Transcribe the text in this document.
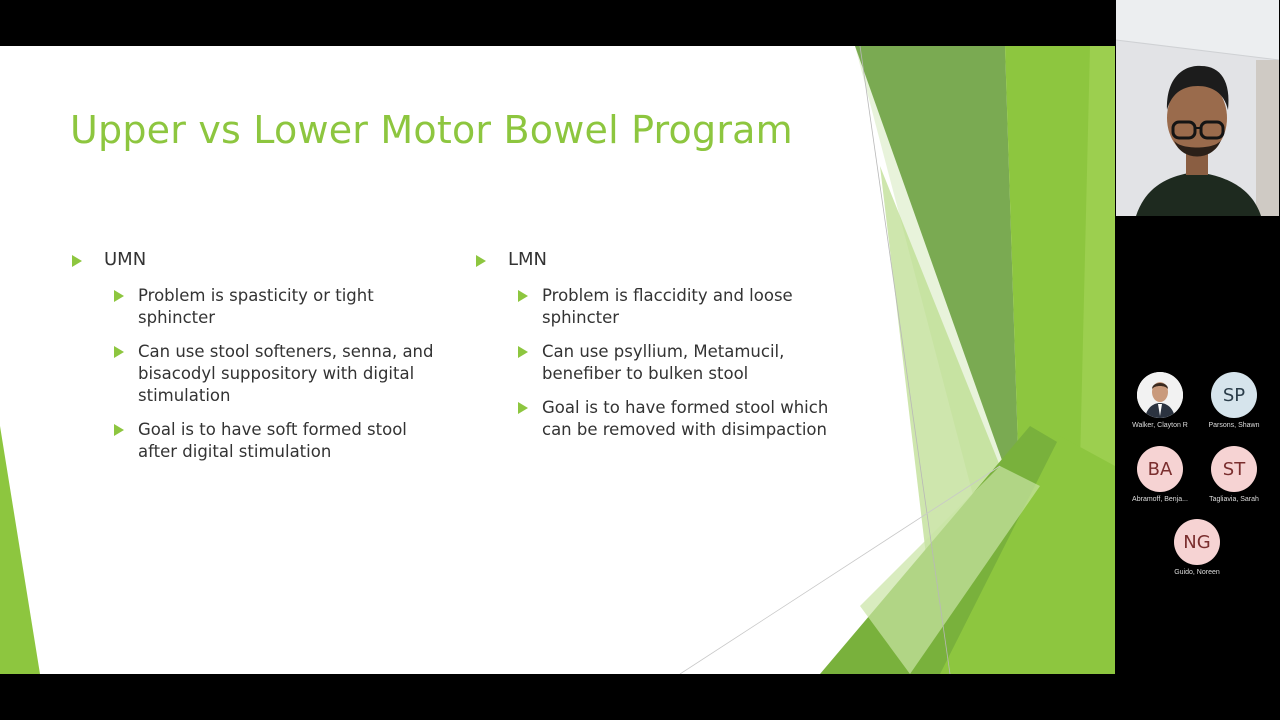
Upper vs Lower Motor Bowel Program
UMN
Problem is spasticity or tight sphincter
Can use stool softeners, senna, and bisacodyl suppository with digital stimulation
Goal is to have soft formed stool after digital stimulation
LMN
Problem is flaccidity and loose sphincter
Can use psyllium, Metamucil, benefiber to bulken stool
Goal is to have formed stool which can be removed with disimpaction	Walker, Clayton R
SP
Parsons, Shawn
BA
Abramoff, Benja...
ST
Tagliavia, Sarah
NG
Guido, Noreen
